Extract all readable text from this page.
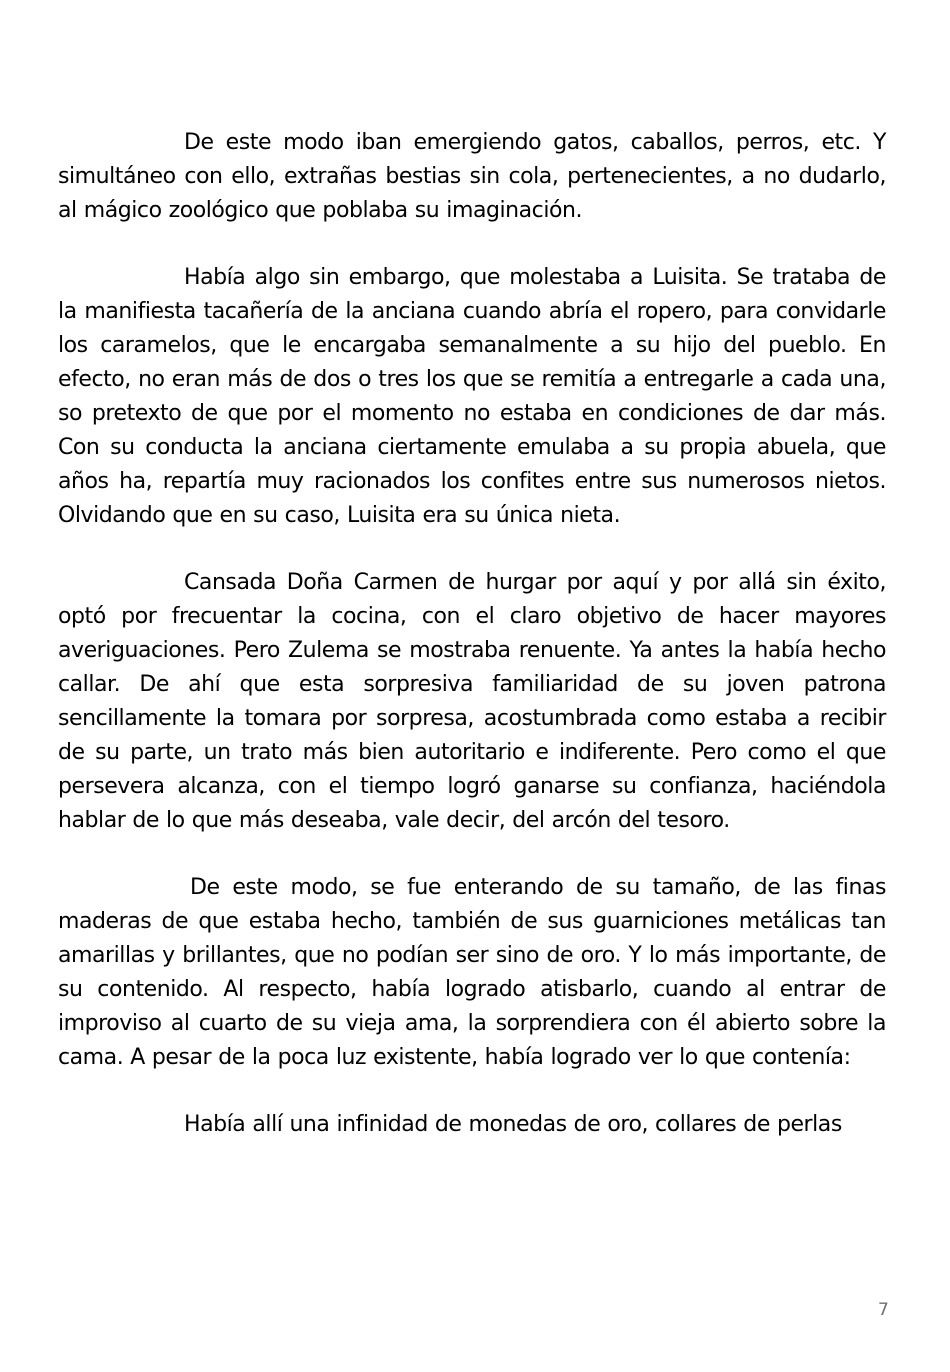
De este modo iban emergiendo gatos, caballos, perros, etc. Y simultáneo con ello, extrañas bestias sin cola, pertenecientes, a no dudarlo, al mágico zoológico que poblaba su imaginación.

Había algo sin embargo, que molestaba a Luisita. Se trataba de la manifiesta tacañería de la anciana cuando abría el ropero, para convidarle los caramelos, que le encargaba semanalmente a su hijo del pueblo. En efecto, no eran más de dos o tres los que se remitía a entregarle a cada una, so pretexto de que por el momento no estaba en condiciones de dar más. Con su conducta la anciana ciertamente emulaba a su propia abuela, que años ha, repartía muy racionados los confites entre sus numerosos nietos. Olvidando que en su caso, Luisita era su única nieta.

Cansada Doña Carmen de hurgar por aquí y por allá sin éxito, optó por frecuentar la cocina, con el claro objetivo de hacer mayores averiguaciones. Pero Zulema se mostraba renuente. Ya antes la había hecho callar. De ahí que esta sorpresiva familiaridad de su joven patrona sencillamente la tomara por sorpresa, acostumbrada como estaba a recibir de su parte, un trato más bien autoritario e indiferente. Pero como el que persevera alcanza, con el tiempo logró ganarse su confianza, haciéndola hablar de lo que más deseaba, vale decir, del arcón del tesoro.

De este modo, se fue enterando de su tamaño, de las finas maderas de que estaba hecho, también de sus guarniciones metálicas tan amarillas y brillantes, que no podían ser sino de oro. Y lo más importante, de su contenido. Al respecto, había logrado atisbarlo, cuando al entrar de improviso al cuarto de su vieja ama, la sorprendiera con él abierto sobre la cama. A pesar de la poca luz existente, había logrado ver lo que contenía:

Había allí una infinidad de monedas de oro, collares de perlas

7
